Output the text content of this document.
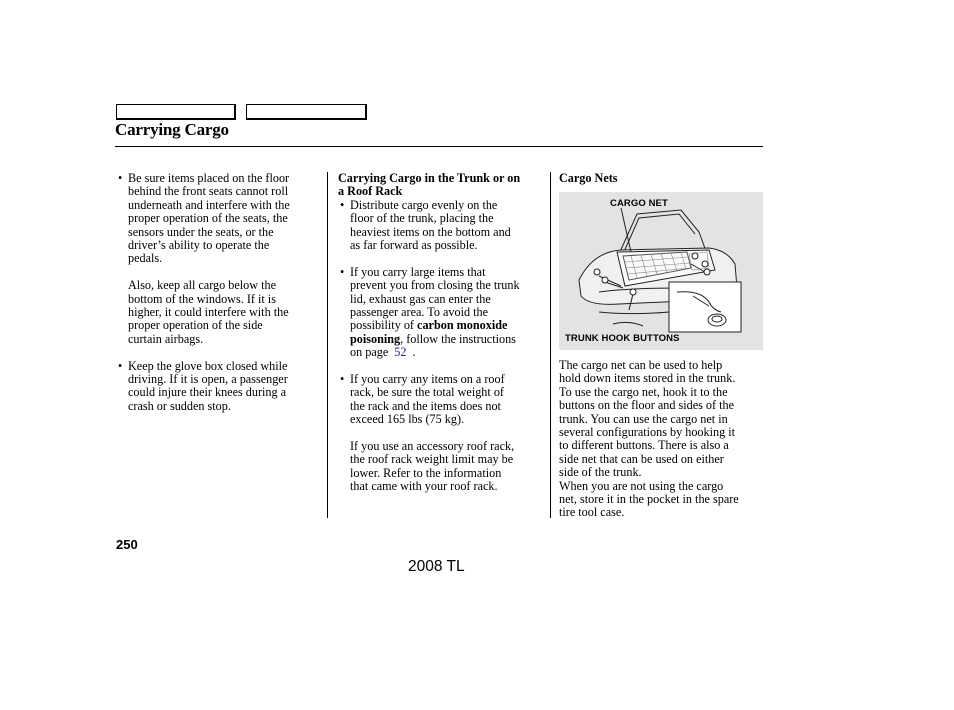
Carrying Cargo
• Be sure items placed on the floor
behind the front seats cannot roll
underneath and interfere with the
proper operation of the seats, the
sensors under the seats, or the
driver’s ability to operate the
pedals.
Also, keep all cargo below the
bottom of the windows. If it is
higher, it could interfere with the
proper operation of the side
curtain airbags.
• Keep the glove box closed while
driving. If it is open, a passenger
could injure their knees during a
crash or sudden stop.
Carrying Cargo in the Trunk or on
a Roof Rack
• Distribute cargo evenly on the
floor of the trunk, placing the
heaviest items on the bottom and
as far forward as possible.
• If you carry large items that
prevent you from closing the trunk
lid, exhaust gas can enter the
passenger area. To avoid the
possibility of carbon monoxide
poisoning, follow the instructions
on page 52 .
• If you carry any items on a roof
rack, be sure the total weight of
the rack and the items does not
exceed 165 lbs (75 kg).
If you use an accessory roof rack,
the roof rack weight limit may be
lower. Refer to the information
that came with your roof rack.
Cargo Nets
CARGO NET
TRUNK HOOK BUTTONS
The cargo net can be used to help
hold down items stored in the trunk.
To use the cargo net, hook it to the
buttons on the floor and sides of the
trunk. You can use the cargo net in
several configurations by hooking it
to different buttons. There is also a
side net that can be used on either
side of the trunk.
When you are not using the cargo
net, store it in the pocket in the spare
tire tool case.
250
2008 TL
